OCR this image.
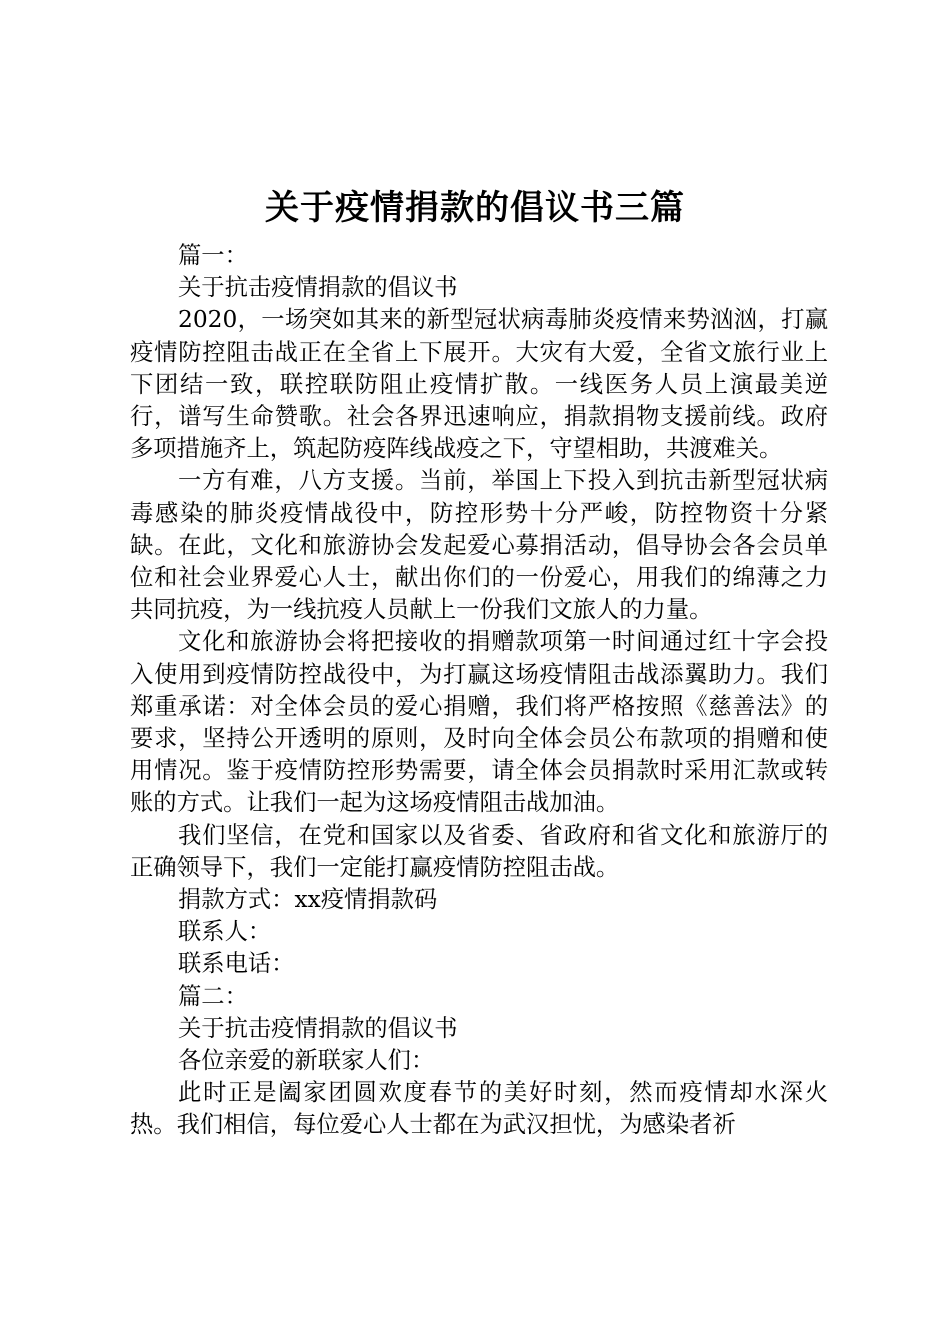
关于疫情捐款的倡议书三篇

篇一：

关于抗击疫情捐款的倡议书

2020，一场突如其来的新型冠状病毒肺炎疫情来势汹汹，打赢疫情防控阻击战正在全省上下展开。大灾有大爱，全省文旅行业上下团结一致，联控联防阻止疫情扩散。一线医务人员上演最美逆行，谱写生命赞歌。社会各界迅速响应，捐款捐物支援前线。政府多项措施齐上，筑起防疫阵线战疫之下，守望相助，共渡难关。

一方有难，八方支援。当前，举国上下投入到抗击新型冠状病毒感染的肺炎疫情战役中，防控形势十分严峻，防控物资十分紧缺。在此，文化和旅游协会发起爱心募捐活动，倡导协会各会员单位和社会业界爱心人士，献出你们的一份爱心，用我们的绵薄之力共同抗疫，为一线抗疫人员献上一份我们文旅人的力量。

文化和旅游协会将把接收的捐赠款项第一时间通过红十字会投入使用到疫情防控战役中，为打赢这场疫情阻击战添翼助力。我们郑重承诺：对全体会员的爱心捐赠，我们将严格按照《慈善法》的要求，坚持公开透明的原则，及时向全体会员公布款项的捐赠和使用情况。鉴于疫情防控形势需要，请全体会员捐款时采用汇款或转账的方式。让我们一起为这场疫情阻击战加油。

我们坚信，在党和国家以及省委、省政府和省文化和旅游厅的正确领导下，我们一定能打赢疫情防控阻击战。

捐款方式：xx疫情捐款码

联系人：

联系电话：

篇二：

关于抗击疫情捐款的倡议书

各位亲爱的新联家人们：

此时正是阖家团圆欢度春节的美好时刻，然而疫情却水深火热。我们相信，每位爱心人士都在为武汉担忧，为感染者祈
